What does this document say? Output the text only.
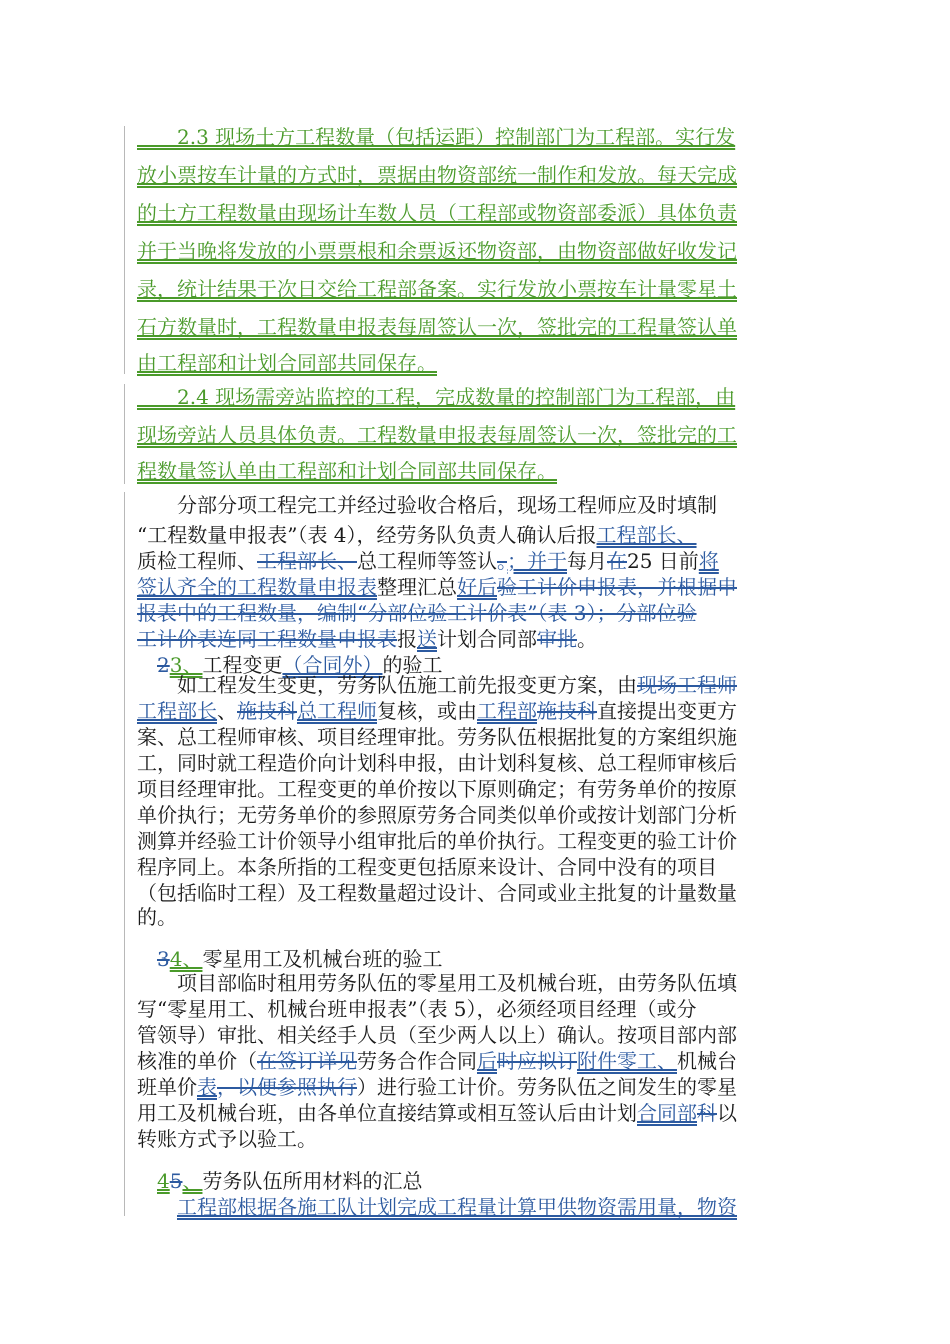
　　2.3 现场土方工程数量（包括运距）控制部门为工程部。实行发
放小票按车计量的方式时，票据由物资部统一制作和发放。每天完成
的土方工程数量由现场计车数人员（工程部或物资部委派）具体负责
并于当晚将发放的小票票根和余票返还物资部，由物资部做好收发记
录，统计结果于次日交给工程部备案。实行发放小票按车计量零星土
石方数量时，工程数量申报表每周签认一次，签批完的工程量签认单
由工程部和计划合同部共同保存。
　　2.4 现场需旁站监控的工程，完成数量的控制部门为工程部，由
现场旁站人员具体负责。工程数量申报表每周签认一次，签批完的工
程数量签认单由工程部和计划合同部共同保存。
　　分部分项工程完工并经过验收合格后，现场工程师应及时填制
“工程数量申报表”（表 4），经劳务队负责人确认后报工程部长、
质检工程师、工程部长、总工程师等签认。；并于每月在25 日前将
签认齐全的工程数量申报表整理汇总好后验工计价申报表，并根据申
报表中的工程数量，编制“分部位验工计价表”（表 3）；分部位验
工计价表连同工程数量申报表报送计划合同部审批。
　23、工程变更（合同外）的验工
　　如工程发生变更，劳务队伍施工前先报变更方案，由现场工程师
工程部长、施技科总工程师复核，或由工程部施技科直接提出变更方
案、总工程师审核、项目经理审批。劳务队伍根据批复的方案组织施
工，同时就工程造价向计划科申报，由计划科复核、总工程师审核后
项目经理审批。工程变更的单价按以下原则确定；有劳务单价的按原
单价执行；无劳务单价的参照原劳务合同类似单价或按计划部门分析
测算并经验工计价领导小组审批后的单价执行。工程变更的验工计价
程序同上。本条所指的工程变更包括原来设计、合同中没有的项目
（包括临时工程）及工程数量超过设计、合同或业主批复的计量数量
的。
　34、零星用工及机械台班的验工
　　项目部临时租用劳务队伍的零星用工及机械台班，由劳务队伍填
写“零星用工、机械台班申报表”（表 5），必须经项目经理（或分
管领导）审批、相关经手人员（至少两人以上）确认。按项目部内部
核准的单价（在签订详见劳务合作合同后时应拟订附件零工、机械台
班单价表，以便参照执行）进行验工计价。劳务队伍之间发生的零星
用工及机械台班，由各单位直接结算或相互签认后由计划合同部科以
转账方式予以验工。
　45、劳务队伍所用材料的汇总
　　工程部根据各施工队计划完成工程量计算甲供物资需用量，物资
